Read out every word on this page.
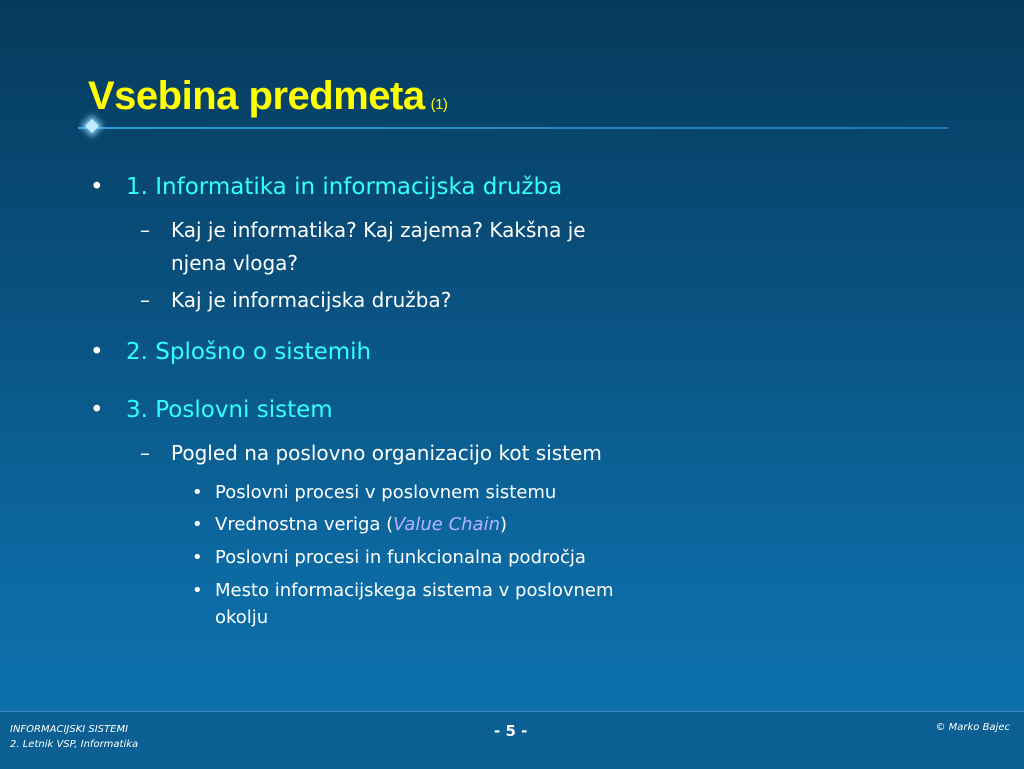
Vsebina predmeta (1)
• 1. Informatika in informacijska družba
–	Kaj je informatika? Kaj zajema? Kakšna je
njena vloga?
–	Kaj je informacijska družba?
• 2. Splošno o sistemih
• 3. Poslovni sistem
–	Pogled na poslovno organizacijo kot sistem
• Poslovni procesi v poslovnem sistemu
• Vrednostna veriga (Value Chain)
• Poslovni procesi in funkcionalna področja
• Mesto informacijskega sistema v poslovnem
okolju
INFORMACIJSKI SISTEMI
2. Letnik VSP, Informatika
- 5 -	© Marko Bajec
